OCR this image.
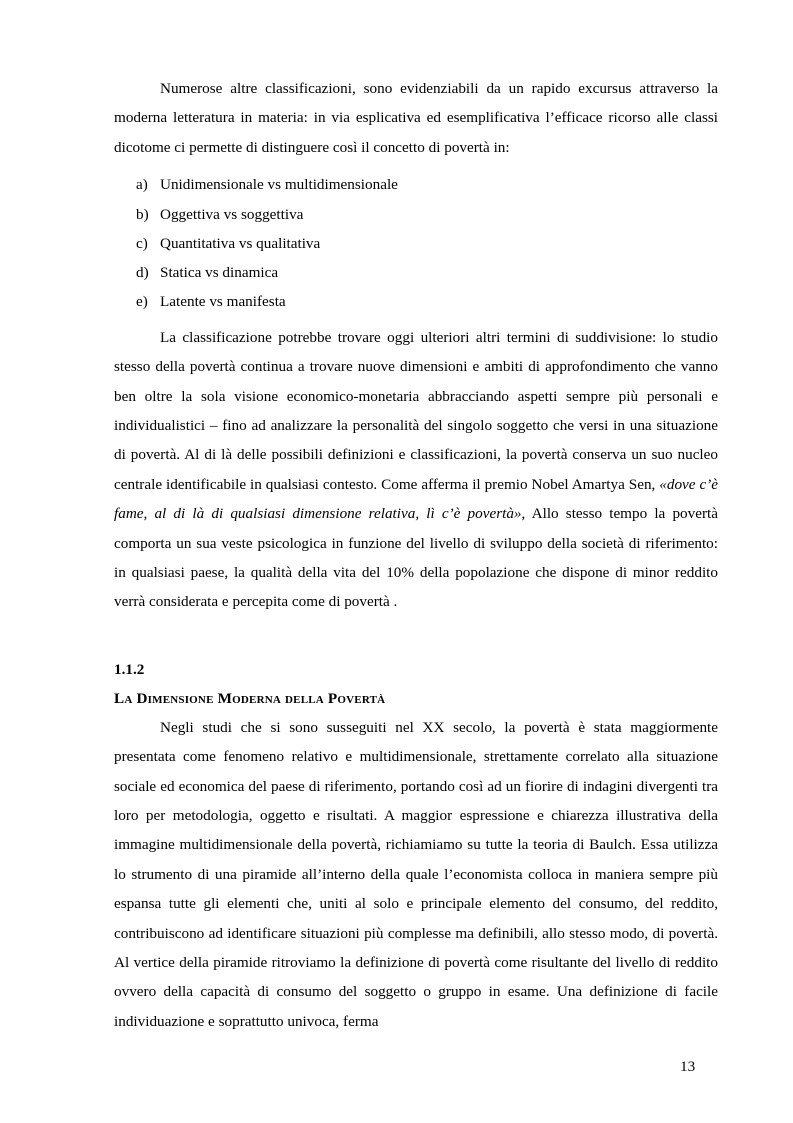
Numerose altre classificazioni, sono evidenziabili da un rapido excursus attraverso la moderna letteratura in materia: in via esplicativa ed esemplificativa l’efficace ricorso alle classi dicotome ci permette di distinguere così il concetto di povertà in:

a) Unidimensionale vs multidimensionale
b) Oggettiva vs soggettiva
c) Quantitativa vs qualitativa
d) Statica vs dinamica
e) Latente vs manifesta

La classificazione potrebbe trovare oggi ulteriori altri termini di suddivisione: lo studio stesso della povertà continua a trovare nuove dimensioni e ambiti di approfondimento che vanno ben oltre la sola visione economico-monetaria abbracciando aspetti sempre più personali e individualistici – fino ad analizzare la personalità del singolo soggetto che versi in una situazione di povertà. Al di là delle possibili definizioni e classificazioni, la povertà conserva un suo nucleo centrale identificabile in qualsiasi contesto. Come afferma il premio Nobel Amartya Sen, «dove c’è fame, al di là di qualsiasi dimensione relativa, lì c’è povertà», Allo stesso tempo la povertà comporta un sua veste psicologica in funzione del livello di sviluppo della società di riferimento: in qualsiasi paese, la qualità della vita del 10% della popolazione che dispone di minor reddito verrà considerata e percepita come di povertà .

1.1.2
La Dimensione Moderna della Povertà

Negli studi che si sono susseguiti nel XX secolo, la povertà è stata maggiormente presentata come fenomeno relativo e multidimensionale, strettamente correlato alla situazione sociale ed economica del paese di riferimento, portando così ad un fiorire di indagini divergenti tra loro per metodologia, oggetto e risultati. A maggior espressione e chiarezza illustrativa della immagine multidimensionale della povertà, richiamiamo su tutte la teoria di Baulch. Essa utilizza lo strumento di una piramide all’interno della quale l’economista colloca in maniera sempre più espansa tutte gli elementi che, uniti al solo e principale elemento del consumo, del reddito, contribuiscono ad identificare situazioni più complesse ma definibili, allo stesso modo, di povertà. Al vertice della piramide ritroviamo la definizione di povertà come risultante del livello di reddito ovvero della capacità di consumo del soggetto o gruppo in esame. Una definizione di facile individuazione e soprattutto univoca, ferma

13
